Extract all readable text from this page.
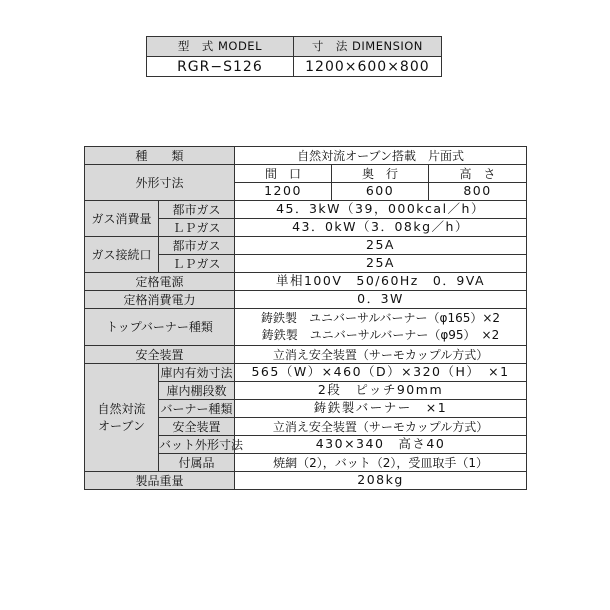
型　式 MODEL	寸　法 DIMENSION
RGR−S126	1200×600×800
種　　類		自然対流オーブン搭載　片面式		
外形寸法		間　口	奥　行	高　さ
		1200	600	800
ガス消費量	都市ガス	45．3kW（39，000kcal／h）		
	ＬＰガス	43．0kW（3．08kg／h）		
ガス接続口	都市ガス	25A		
	ＬＰガス	25A		
定格電源		単相100V　50/60Hz　0．9VA		
定格消費電力		0．3W		
トップバーナー種類		鋳鉄製　ユニバーサルバーナー（φ165）×2
鋳鉄製　ユニバーサルバーナー（φ95）　×2		

安全装置		立消え安全装置（サーモカップル方式）		

自然対流
オーブン	庫内有効寸法	565（W）×460（D）×320（H）　×1		
	庫内棚段数	2段　ピッチ90mm		
	バーナー種類	鋳鉄製バーナー　×1		
	安全装置	立消え安全装置（サーモカップル方式）		
	バット外形寸法	430×340　高さ40		
	付属品	焼網（2），バット（2），受皿取手（1）		
製品重量		208kg		
